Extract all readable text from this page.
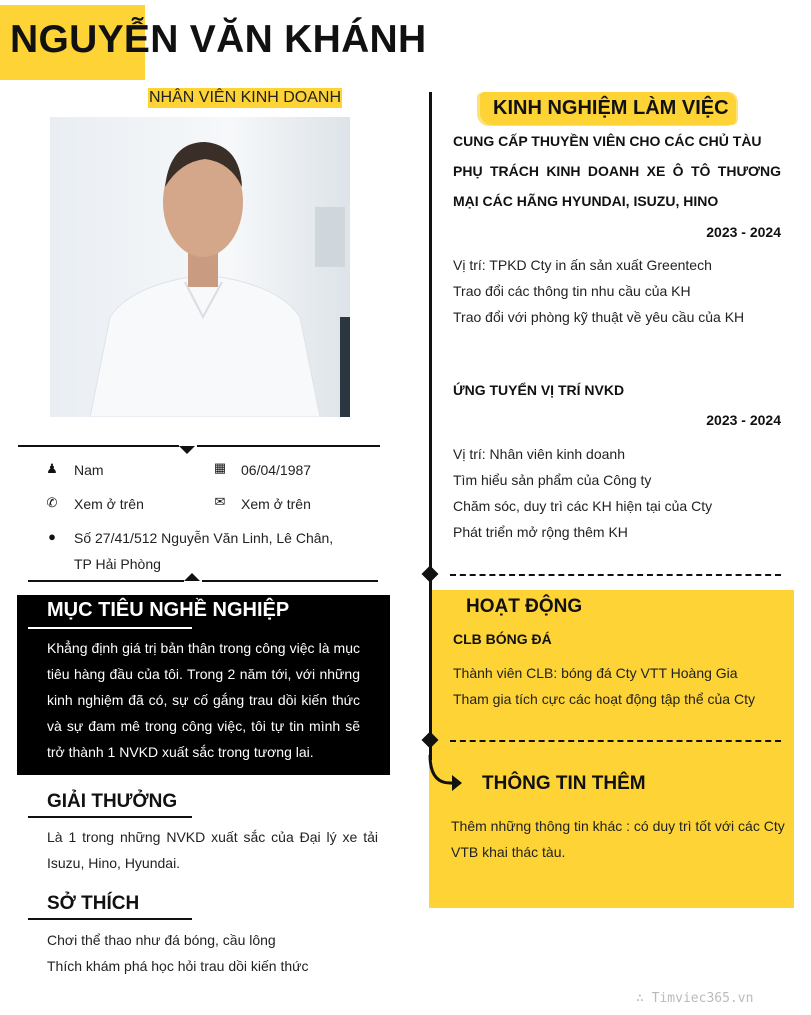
NGUYỄN VĂN KHÁNH
NHÂN VIÊN KINH DOANH
♟ Nam	▦ 06/04/1987
✆ Xem ở trên	✉ Xem ở trên
● Số 27/41/512 Nguyễn Văn Linh, Lê Chân,
TP Hải Phòng
MỤC TIÊU NGHỀ NGHIỆP
Khẳng định giá trị bản thân trong công việc là mục tiêu hàng đầu của tôi. Trong 2 năm tới, với những kinh nghiệm đã có, sự cố gắng trau dồi kiến thức và sự đam mê trong công việc, tôi tự tin mình sẽ trở thành 1 NVKD xuất sắc trong tương lai.
GIẢI THƯỞNG
Là 1 trong những NVKD xuất sắc của Đại lý xe tải Isuzu, Hino, Hyundai.
SỞ THÍCH
Chơi thể thao như đá bóng, cầu lông
Thích khám phá học hỏi trau dồi kiến thức
KINH NGHIỆM LÀM VIỆC
CUNG CẤP THUYỀN VIÊN CHO CÁC CHỦ TÀU
PHỤ TRÁCH KINH DOANH XE Ô TÔ THƯƠNG
MẠI CÁC HÃNG HYUNDAI, ISUZU, HINO
2023 - 2024
Vị trí: TPKD Cty in ấn sản xuất Greentech
Trao đổi các thông tin nhu cầu của KH
Trao đổi với phòng kỹ thuật về yêu cầu của KH
ỨNG TUYỂN VỊ TRÍ NVKD
2023 - 2024
Vị trí: Nhân viên kinh doanh
Tìm hiểu sản phẩm của Công ty
Chăm sóc, duy trì các KH hiện tại của Cty
Phát triển mở rộng thêm KH
HOẠT ĐỘNG
CLB BÓNG ĐÁ
Thành viên CLB: bóng đá Cty VTT Hoàng Gia
Tham gia tích cực các hoạt động tập thể của Cty
THÔNG TIN THÊM
Thêm những thông tin khác : có duy trì tốt với các Cty VTB khai thác tàu.
∴ Timviec365.vn
